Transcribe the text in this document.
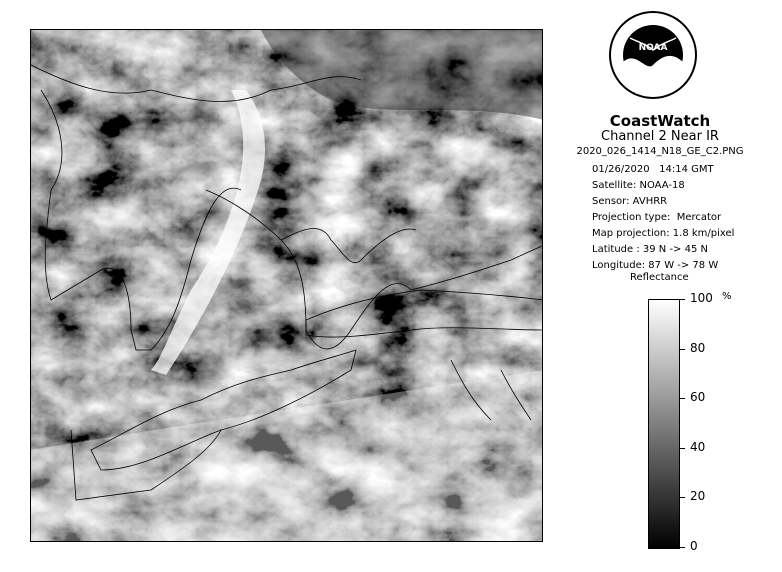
NOAA
CoastWatch
Channel 2 Near IR
2020_026_1414_N18_GE_C2.PNG
01/26/2020   14:14 GMT
Satellite: NOAA-18
Sensor: AVHRR
Projection type:  Mercator
Map projection: 1.8 km/pixel
Latitude : 39 N -> 45 N
Longitude: 87 W -> 78 W
Reflectance
%
100
80
60
40
20
0
